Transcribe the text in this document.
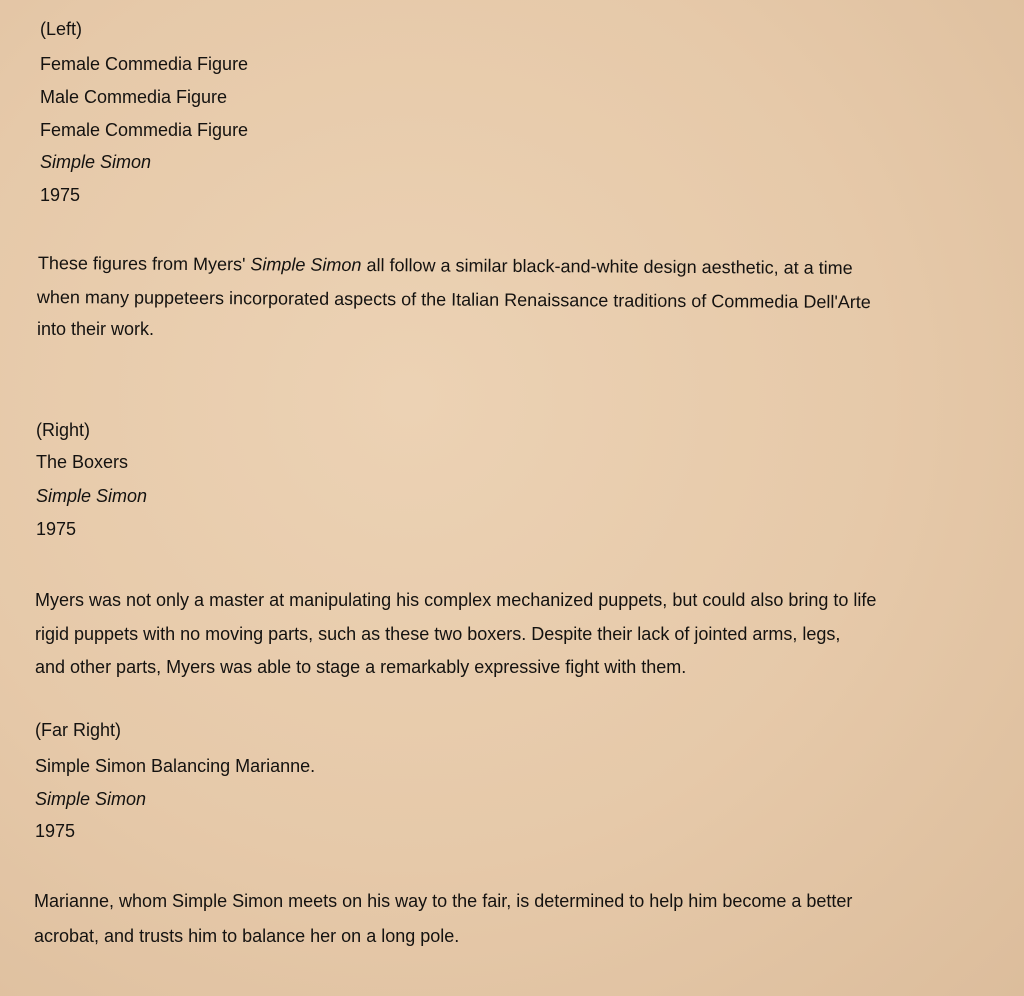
(Left)
Female Commedia Figure
Male Commedia Figure
Female Commedia Figure
Simple Simon
1975
These figures from Myers' Simple Simon all follow a similar black-and-white design aesthetic, at a time
when many puppeteers incorporated aspects of the Italian Renaissance traditions of Commedia Dell'Arte
into their work.
(Right)
The Boxers
Simple Simon
1975
Myers was not only a master at manipulating his complex mechanized puppets, but could also bring to life
rigid puppets with no moving parts, such as these two boxers. Despite their lack of jointed arms, legs,
and other parts, Myers was able to stage a remarkably expressive fight with them.
(Far Right)
Simple Simon Balancing Marianne.
Simple Simon
1975
Marianne, whom Simple Simon meets on his way to the fair, is determined to help him become a better
acrobat, and trusts him to balance her on a long pole.
